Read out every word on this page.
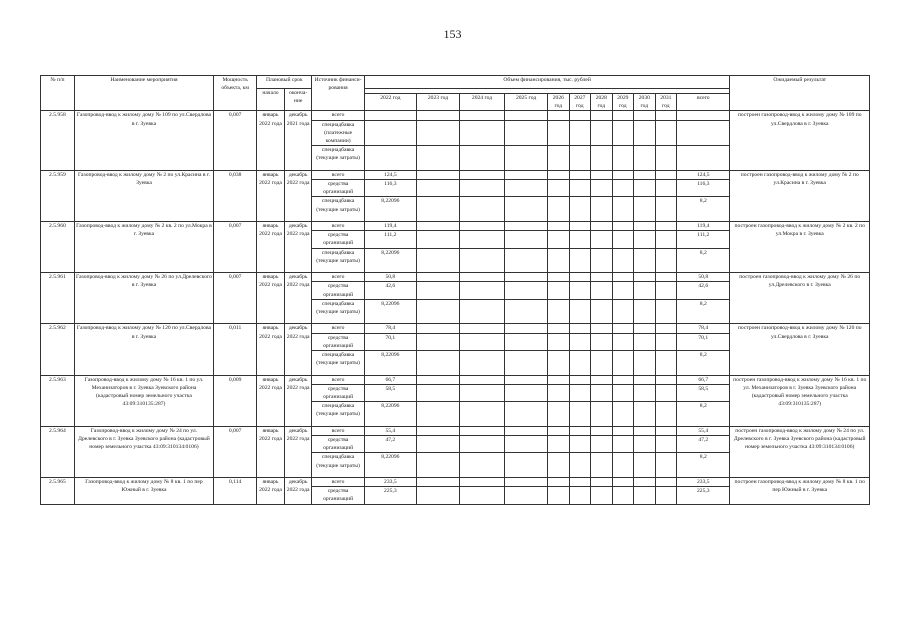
153
№ п/п	Наименование мероприятия	Мощность объекта, км	Плановый срок		Источник финанси-рования	Объем финансирования, тыс. рублей											Ожидаемый результат
			начало	оконча-ние													
						2022 год	2023 год	2024 год	2025 год	2026 год	2027 год	2028 год	2029 год	2030 год	2031 год	всего	
2.5.958	Газопровод-ввод к жилому дому № 109 по ул.Свердлова в г. Зуевка	0,007	январь 2022 года	декабрь 2021 года	всего												построен газопровод-ввод к жилому дому № 109 по ул.Свердлова в г. Зуевка
					спецнадбавка (платежные компании)												
					спецнадбавка (текущие затраты)												
2.5.959	Газопровод-ввод к жилому дому № 2 по ул.Красина в г. Зуевка	0,038	январь 2022 года	декабрь 2022 года	всего	124,5										124,5	построен газопровод-ввод к жилому дому № 2 по ул.Красина в г. Зуевка
					средства организаций	116,3										116,3	
					спецнадбавка (текущие затраты)	8,22096										8,2	
2.5.960	Газопровод-ввод к жилому дому № 2 кв. 2 по ул.Мокра в г. Зуевка	0,007	январь 2022 года	декабрь 2022 года	всего	119,4										119,4	построен газопровод-ввод к жилому дому № 2 кв. 2 по ул.Мокра в г. Зуевка
					средства организаций	111,2										111,2	
					спецнадбавка (текущие затраты)	8,22096										8,2	
2.5.961	Газопровод-ввод к жилому дому № 26 по ул.Дрелевского в г. Зуевка	0,007	январь 2022 года	декабрь 2022 года	всего	50,8										50,8	построен газопровод-ввод к жилому дому № 26 по ул.Дрелевского в г. Зуевка
					средства организаций	42,6										42,6	
					спецнадбавка (текущие затраты)	8,22096										8,2	
2.5.962	Газопровод-ввод к жилому дому № 120 по ул.Свердлова в г. Зуевка	0,011	январь 2022 года	декабрь 2022 года	всего	78,4										78,4	построен газопровод-ввод к жилому дому № 120 по ул.Свердлова в г. Зуевка
					средства организаций	70,1										70,1	
					спецнадбавка (текущие затраты)	8,22096										8,2	
2.5.963	Газопровод-ввод к жилому дому № 16 кв. 1 по ул. Механизаторов в г. Зуевка Зуевского района (кадастровый номер земельного участка 43:09:310135:287)	0,009	январь 2022 года	декабрь 2022 года	всего	66,7										66,7	построен газопровод-ввод к жилому дому № 16 кв. 1 по ул. Механизаторов в г. Зуевка Зуевского района (кадастровый номер земельного участка 43:09:310135:287)
					средства организаций	58,5										58,5	
					спецнадбавка (текущие затраты)	8,22096										8,2	
2.5.964	Газопровод-ввод к жилому дому № 24 по ул. Дрелевского в г. Зуевка Зуевского района (кадастровый номер земельного участка 43:09:310134:0106)	0,007	январь 2022 года	декабрь 2022 года	всего	55,4										55,4	построен газопровод-ввод к жилому дому № 24 по ул. Дрелевского в г. Зуевка Зуевского района (кадастровый номер земельного участка 43:09:310134:0106)
					средства организаций	47,2										47,2	
					спецнадбавка (текущие затраты)	8,22096										8,2	
2.5.965	Газопровод-ввод к жилому дому № 8 кв. 1 по пер Южный в г. Зуевка	0,114	январь 2022 года	декабрь 2022 года	всего	233,5										233,5	построен газопровод-ввод к жилому дому № 8 кв. 1 по пер Южный в г. Зуевка
					средства организаций	225,3										225,3	
